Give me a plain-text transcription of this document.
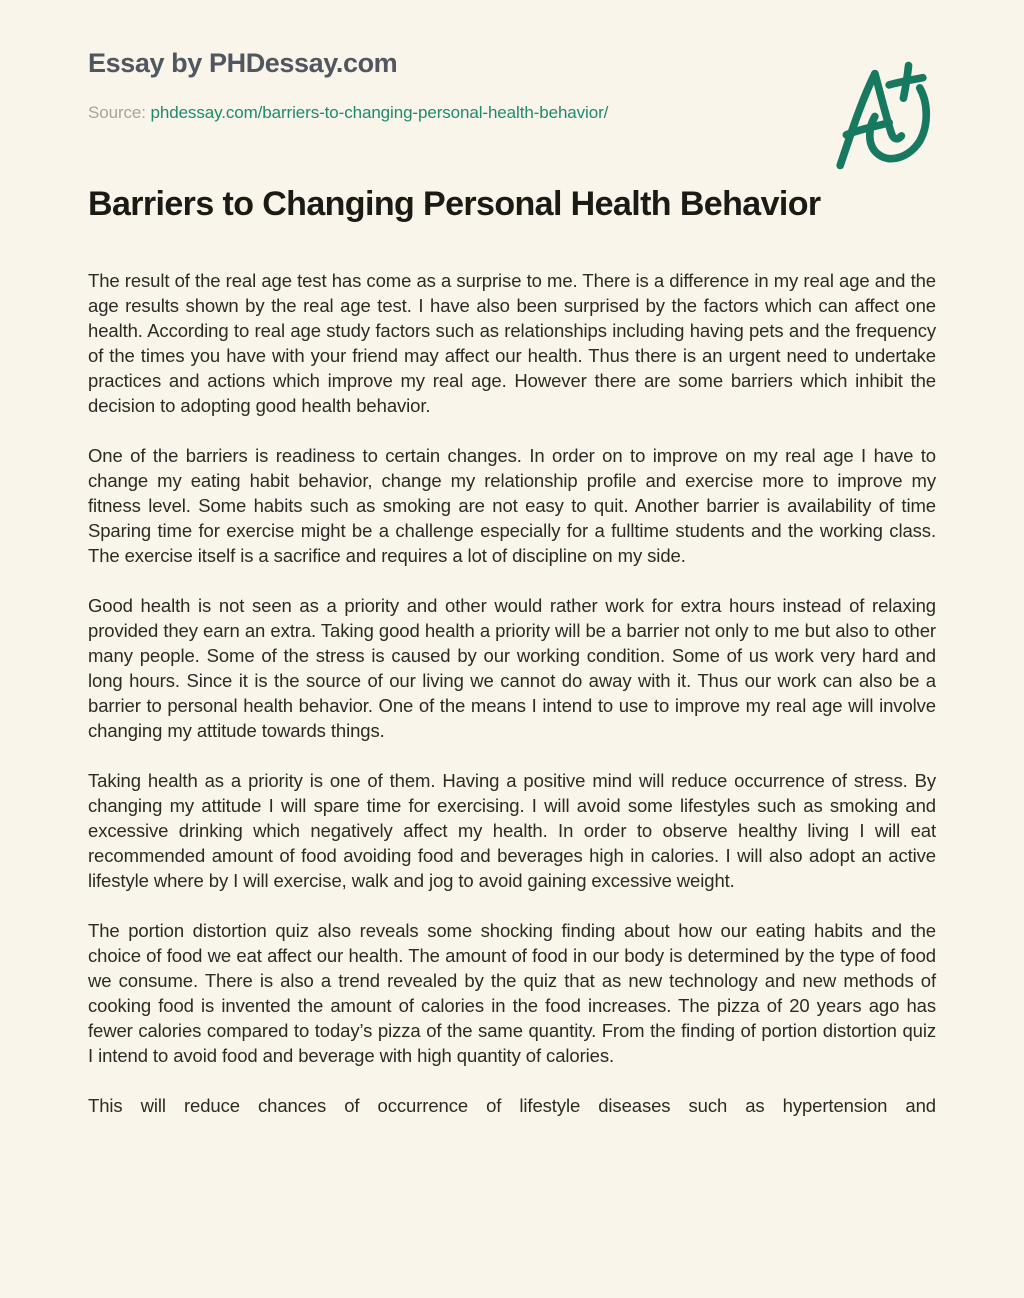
Essay by PHDessay.com
Source: phdessay.com/barriers-to-changing-personal-health-behavior/
Barriers to Changing Personal Health Behavior

The result of the real age test has come as a surprise to me. There is a difference in my real age and the age results shown by the real age test. I have also been surprised by the factors which can affect one health. According to real age study factors such as relationships including having pets and the frequency of the times you have with your friend may affect our health. Thus there is an urgent need to undertake practices and actions which improve my real age. However there are some barriers which inhibit the decision to adopting good health behavior.

One of the barriers is readiness to certain changes. In order on to improve on my real age I have to change my eating habit behavior, change my relationship profile and exercise more to improve my fitness level. Some habits such as smoking are not easy to quit. Another barrier is availability of time Sparing time for exercise might be a challenge especially for a fulltime students and the working class. The exercise itself is a sacrifice and requires a lot of discipline on my side.

Good health is not seen as a priority and other would rather work for extra hours instead of relaxing provided they earn an extra. Taking good health a priority will be a barrier not only to me but also to other many people. Some of the stress is caused by our working condition. Some of us work very hard and long hours. Since it is the source of our living we cannot do away with it. Thus our work can also be a barrier to personal health behavior. One of the means I intend to use to improve my real age will involve changing my attitude towards things.

Taking health as a priority is one of them. Having a positive mind will reduce occurrence of stress. By changing my attitude I will spare time for exercising. I will avoid some lifestyles such as smoking and excessive drinking which negatively affect my health. In order to observe healthy living I will eat recommended amount of food avoiding food and beverages high in calories. I will also adopt an active lifestyle where by I will exercise, walk and jog to avoid gaining excessive weight.

The portion distortion quiz also reveals some shocking finding about how our eating habits and the choice of food we eat affect our health. The amount of food in our body is determined by the type of food we consume. There is also a trend revealed by the quiz that as new technology and new methods of cooking food is invented the amount of calories in the food increases. The pizza of 20 years ago has fewer calories compared to today’s pizza of the same quantity. From the finding of portion distortion quiz I intend to avoid food and beverage with high quantity of calories.

This will reduce chances of occurrence of lifestyle diseases such as hypertension and
